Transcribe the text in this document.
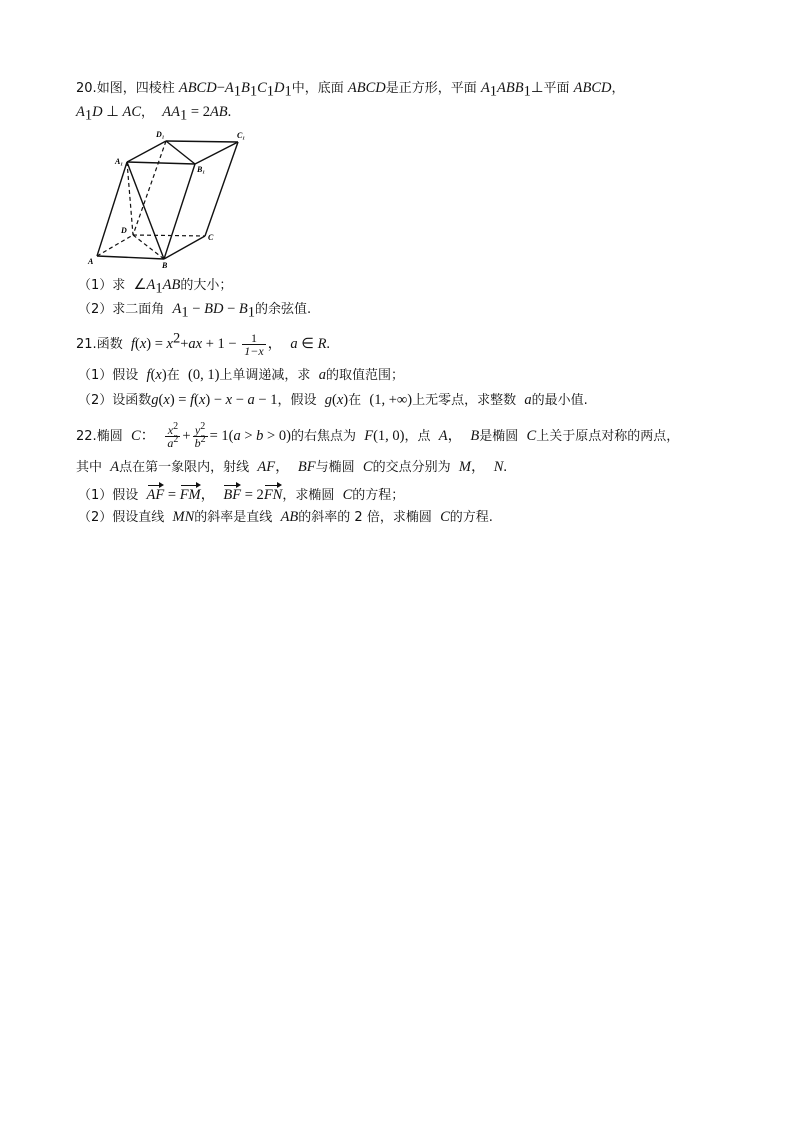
20.如图，四棱柱 $ABCD-A_1B_1C_1D_1$中，底面 ABCD是正方形，平面 $A_1ABB_1\perp$平面 ABCD，
$A_1D$ ⊥ AC， $AA_1 = 2AB$.
D₁	C₁
A₁
B₁
D
C
A	B
（1）求 $\angle A_1AB$的大小；
（2）求二面角 $A_1$ − BD − $B_1$的余弦值.
21.函数 $f(x) = x^2+ax + 1 - \frac{1}{1-x}$ ， a ∈ R.
（1）假设 f(x)在 (0, 1)上单调递减，求 a的取值范围；
（2）设函数g(x) = f(x) − x − a − 1，假设 g(x)在 (1, +∞)上无零点，求整数 a的最小值.
22.椭圆 C： $\frac{x^2}{a^2} + \frac{y^2}{b^2} = 1(a > b > 0)$的右焦点为 F(1, 0)，点 A， B是椭圆 C上关于原点对称的两点，
其中 A点在第一象限内，射线 AF， BF与椭圆 C的交点分别为 M， N.
（1）假设 AF = FM， BF = 2FN，求椭圆 C的方程；
（2）假设直线 MN的斜率是直线 AB的斜率的 2 倍，求椭圆 C的方程.
